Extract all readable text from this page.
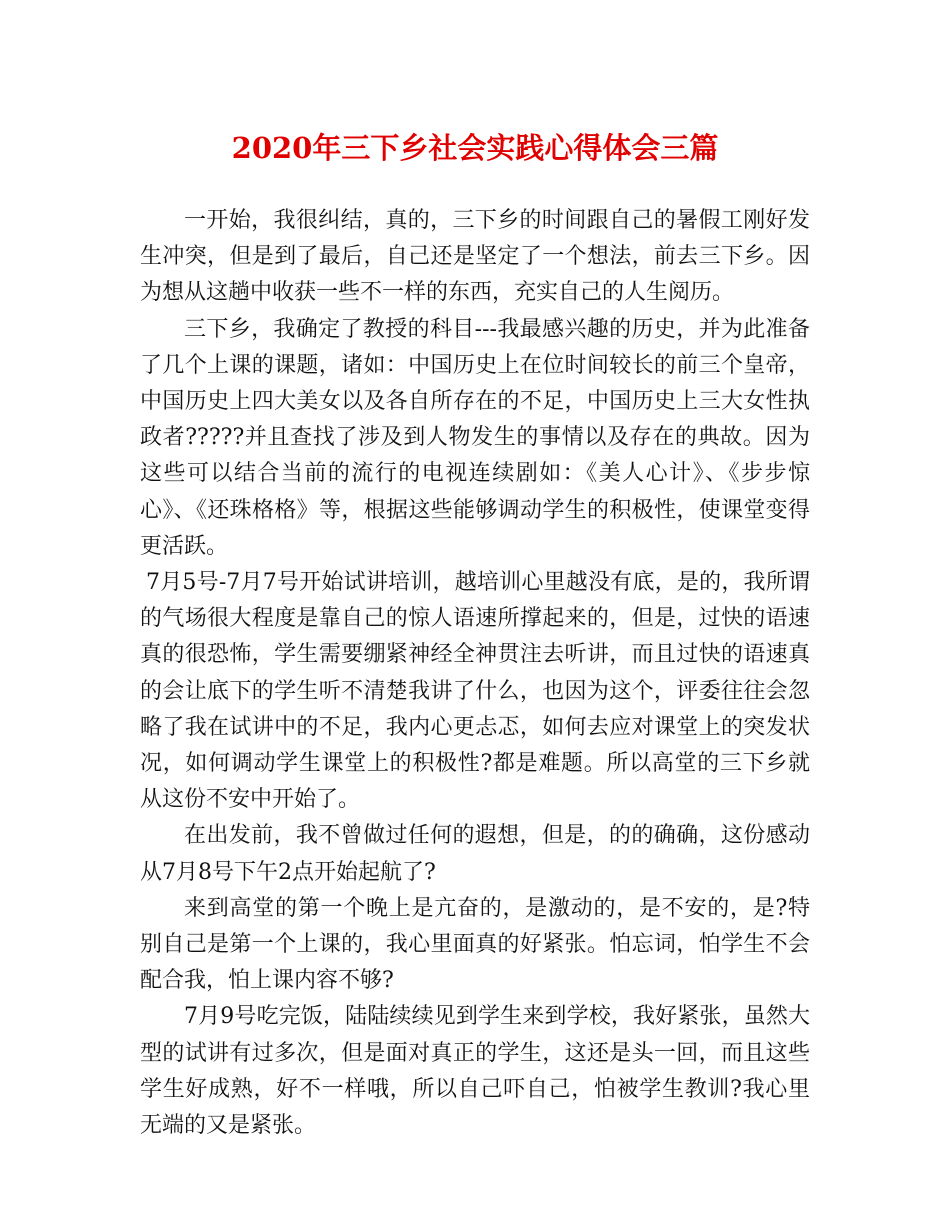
2020年三下乡社会实践心得体会三篇

一开始，我很纠结，真的，三下乡的时间跟自己的暑假工刚好发生冲突，但是到了最后，自己还是坚定了一个想法，前去三下乡。因为想从这趟中收获一些不一样的东西，充实自己的人生阅历。

三下乡，我确定了教授的科目---我最感兴趣的历史，并为此准备了几个上课的课题，诸如：中国历史上在位时间较长的前三个皇帝，中国历史上四大美女以及各自所存在的不足，中国历史上三大女性执政者?????并且查找了涉及到人物发生的事情以及存在的典故。因为这些可以结合当前的流行的电视连续剧如：《美人心计》、《步步惊心》、《还珠格格》等，根据这些能够调动学生的积极性，使课堂变得更活跃。

7月5号-7月7号开始试讲培训，越培训心里越没有底，是的，我所谓的气场很大程度是靠自己的惊人语速所撑起来的，但是，过快的语速真的很恐怖，学生需要绷紧神经全神贯注去听讲，而且过快的语速真的会让底下的学生听不清楚我讲了什么，也因为这个，评委往往会忽略了我在试讲中的不足，我内心更忐忑，如何去应对课堂上的突发状况，如何调动学生课堂上的积极性?都是难题。所以高堂的三下乡就从这份不安中开始了。

在出发前，我不曾做过任何的遐想，但是，的的确确，这份感动从7月8号下午2点开始起航了?

来到高堂的第一个晚上是亢奋的，是激动的，是不安的，是?特别自己是第一个上课的，我心里面真的好紧张。怕忘词，怕学生不会配合我，怕上课内容不够?

7月9号吃完饭，陆陆续续见到学生来到学校，我好紧张，虽然大型的试讲有过多次，但是面对真正的学生，这还是头一回，而且这些学生好成熟，好不一样哦，所以自己吓自己，怕被学生教训?我心里无端的又是紧张。
